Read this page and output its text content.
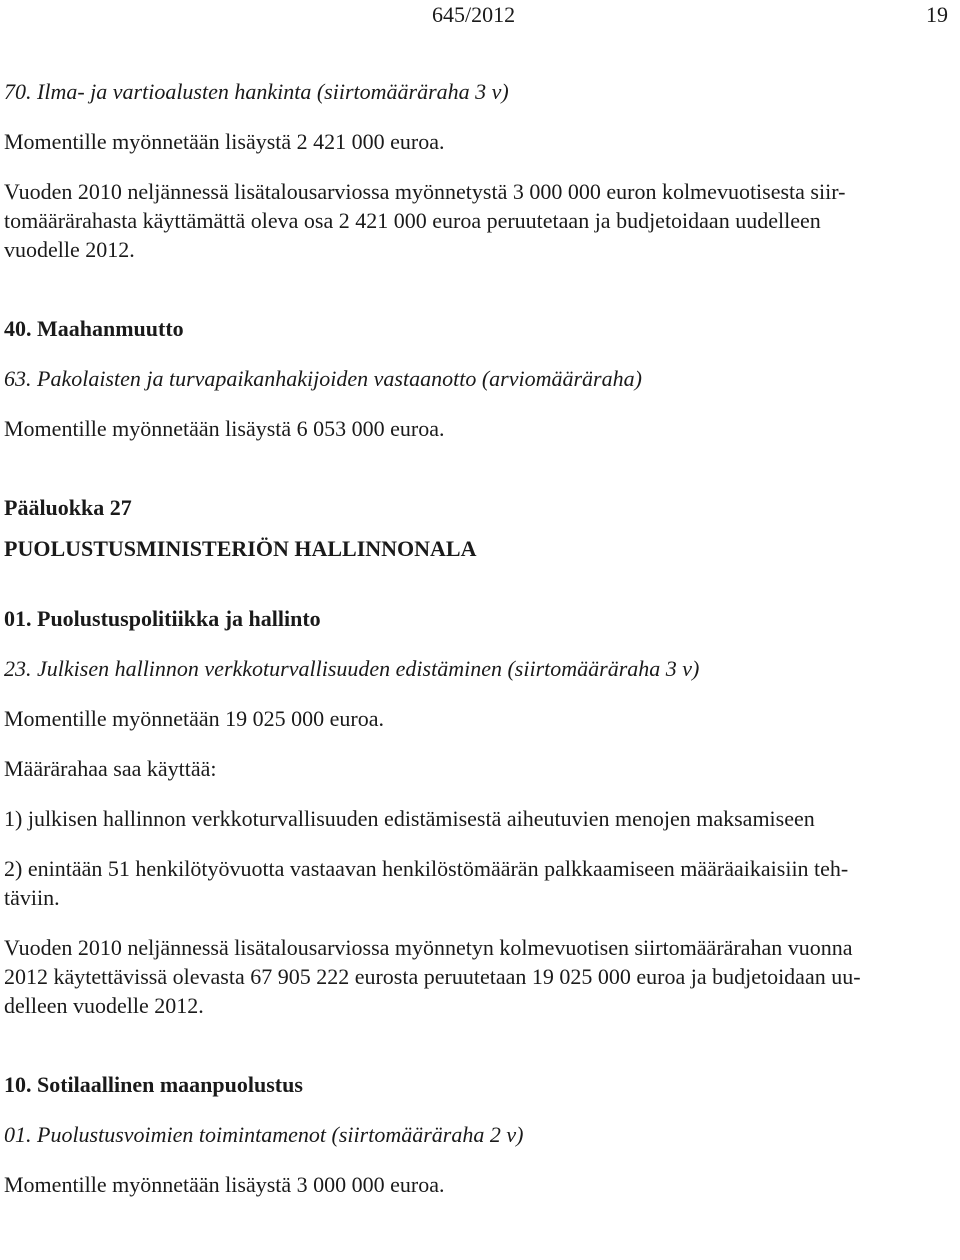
645/2012	19

70. Ilma- ja vartioalusten hankinta (siirtomääräraha 3 v)

Momentille myönnetään lisäystä 2 421 000 euroa.

Vuoden 2010 neljännessä lisätalousarviossa myönnetystä 3 000 000 euron kolmevuotisesta siir-
tomäärärahasta käyttämättä oleva osa 2 421 000 euroa peruutetaan ja budjetoidaan uudelleen
vuodelle 2012.
40. Maahanmuutto

63. Pakolaisten ja turvapaikanhakijoiden vastaanotto (arviomääräraha)

Momentille myönnetään lisäystä 6 053 000 euroa.

Pääluokka 27
PUOLUSTUSMINISTERIÖN HALLINNONALA
01. Puolustuspolitiikka ja hallinto

23. Julkisen hallinnon verkkoturvallisuuden edistäminen (siirtomääräraha 3 v)

Momentille myönnetään 19 025 000 euroa.

Määrärahaa saa käyttää:

1) julkisen hallinnon verkkoturvallisuuden edistämisestä aiheutuvien menojen maksamiseen

2) enintään 51 henkilötyövuotta vastaavan henkilöstömäärän palkkaamiseen määräaikaisiin teh-
täviin.
Vuoden 2010 neljännessä lisätalousarviossa myönnetyn kolmevuotisen siirtomäärärahan vuonna
2012 käytettävissä olevasta 67 905 222 eurosta peruutetaan 19 025 000 euroa ja budjetoidaan uu-
delleen vuodelle 2012.
10. Sotilaallinen maanpuolustus

01. Puolustusvoimien toimintamenot (siirtomääräraha 2 v)

Momentille myönnetään lisäystä 3 000 000 euroa.
